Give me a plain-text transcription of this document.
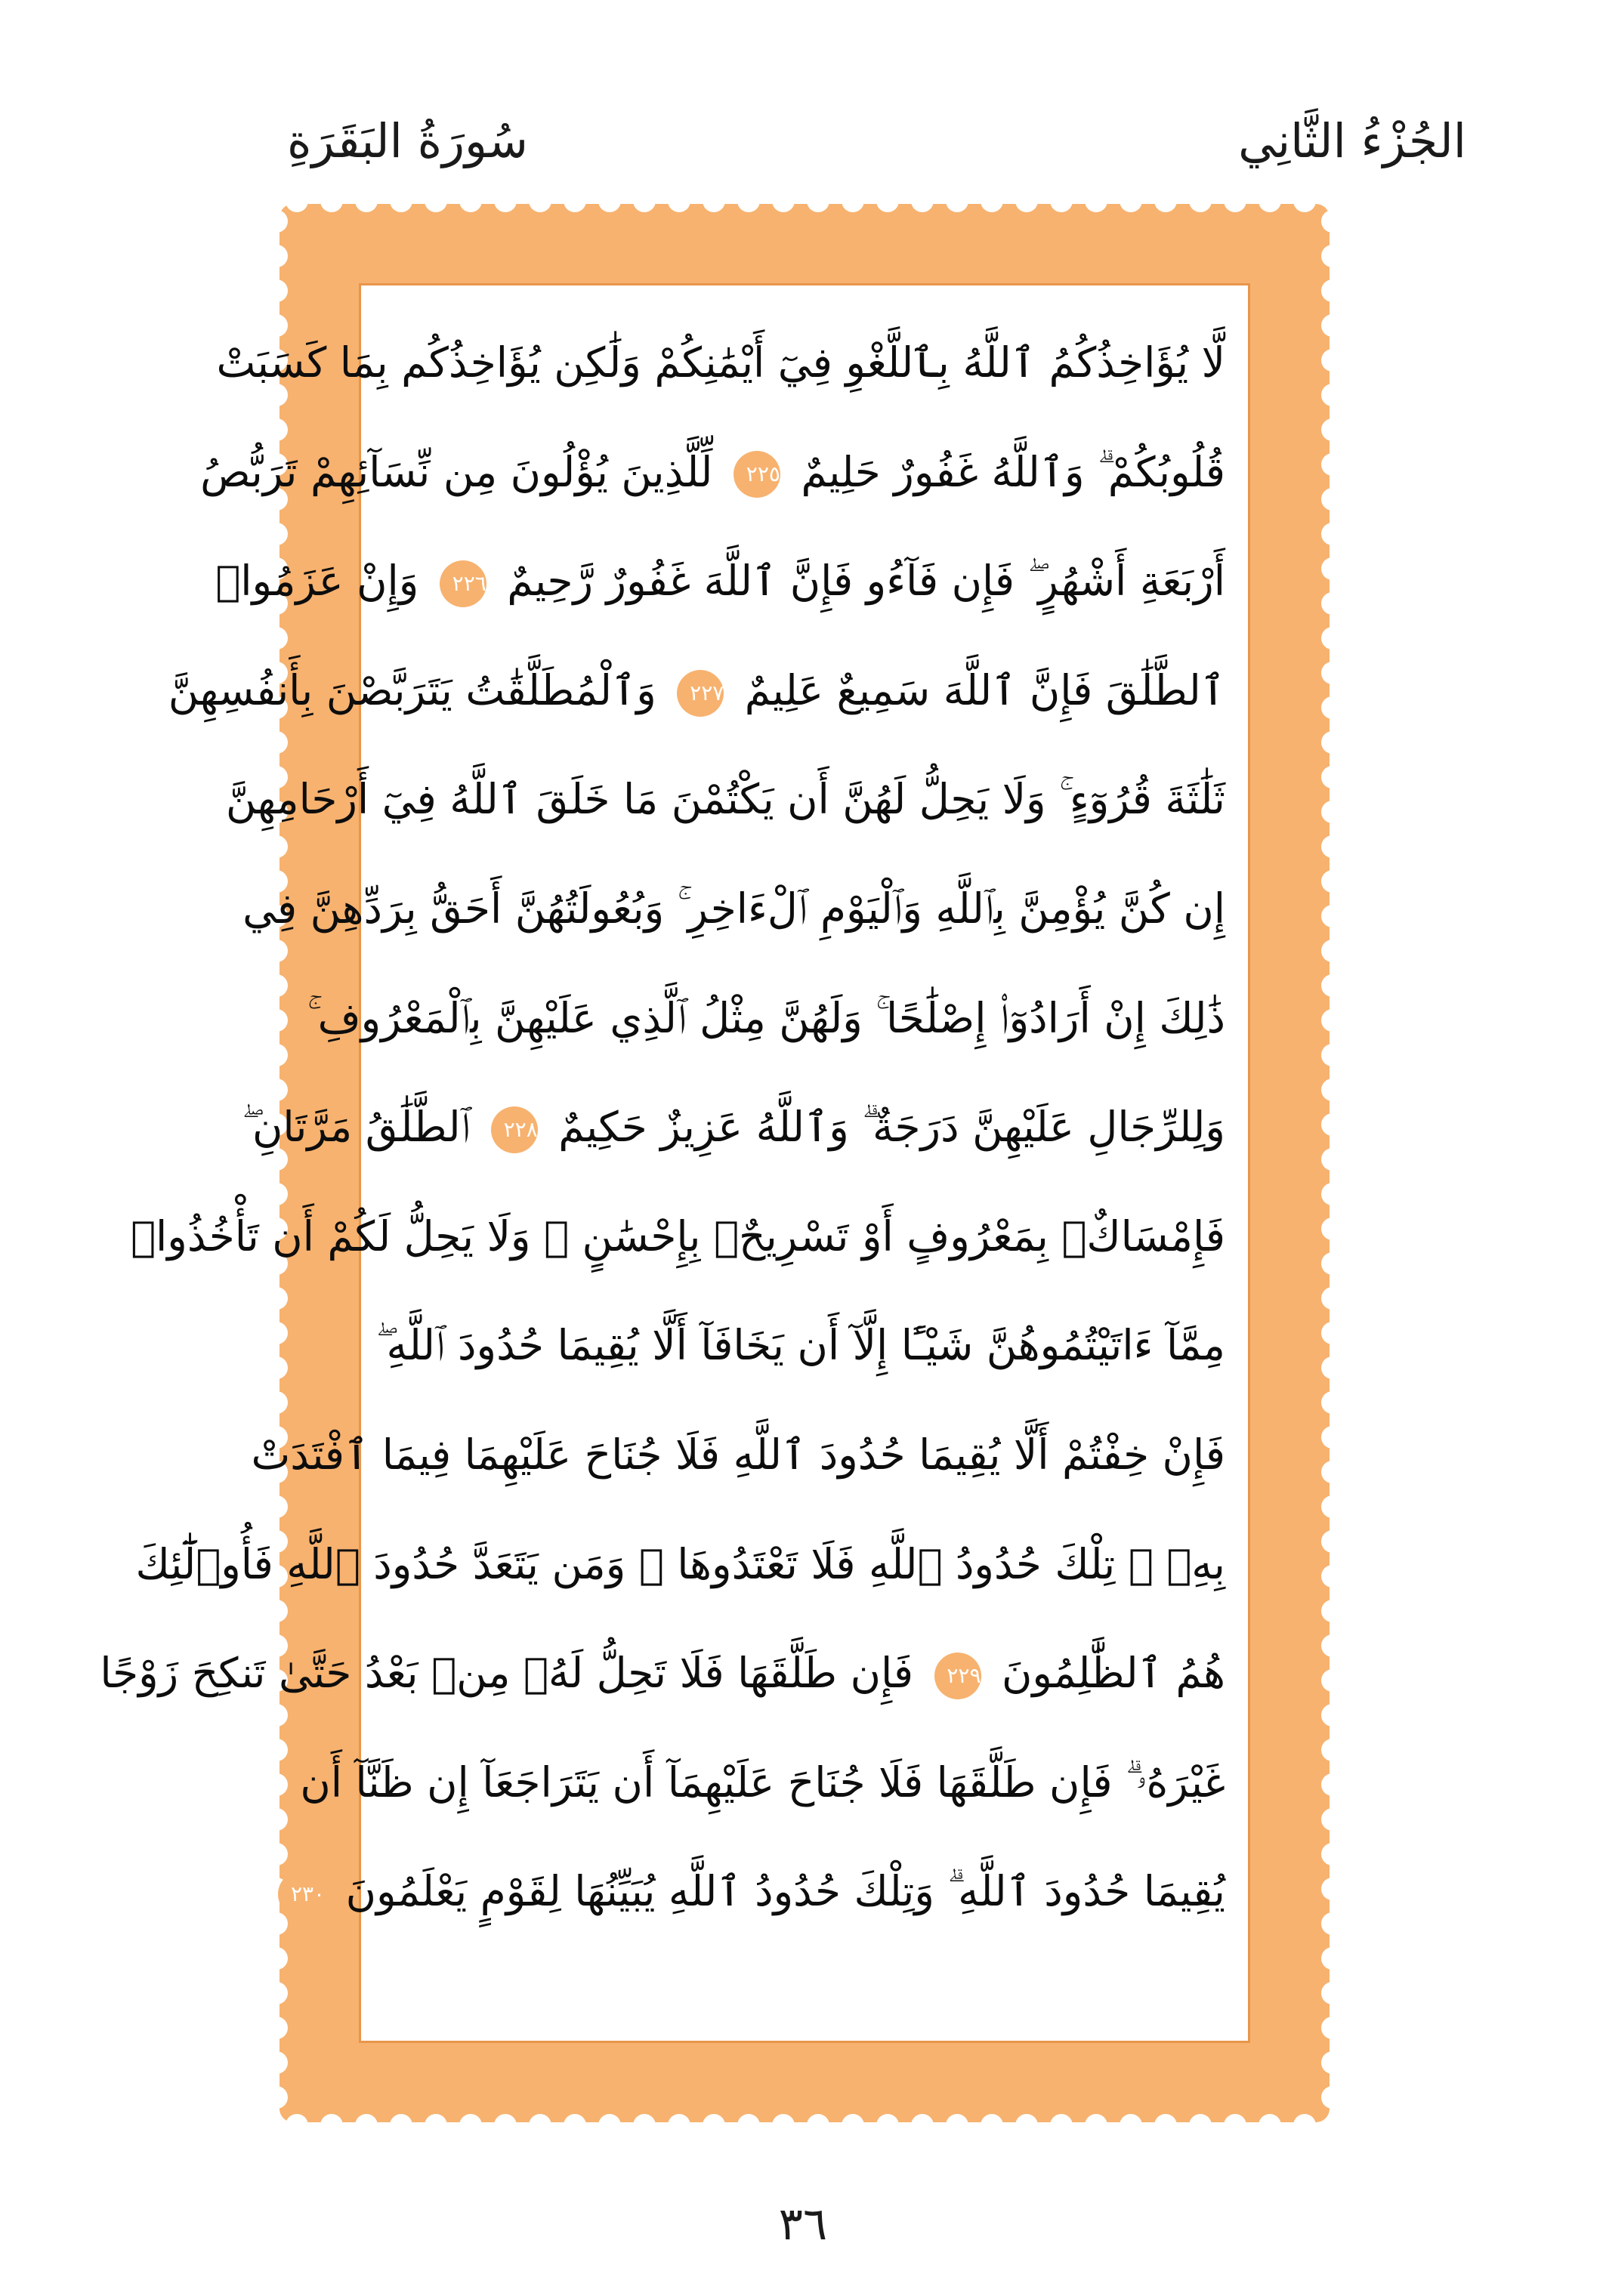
الجُزْءُ الثَّانِي
سُورَةُ البَقَرَةِ
لَّا يُؤَاخِذُكُمُ ٱللَّهُ بِٱللَّغْوِ فِيٓ أَيْمَٰنِكُمْ وَلَٰكِن يُؤَاخِذُكُم بِمَا كَسَبَتْ
قُلُوبُكُمْ ۗ وَٱللَّهُ غَفُورٌ حَلِيمٌ ٢٢٥ لِّلَّذِينَ يُؤْلُونَ مِن نِّسَآئِهِمْ تَرَبُّصُ
أَرْبَعَةِ أَشْهُرٍ ۖ فَإِن فَآءُو فَإِنَّ ٱللَّهَ غَفُورٌ رَّحِيمٌ ٢٢٦ وَإِنْ عَزَمُوا۟
ٱلطَّلَٰقَ فَإِنَّ ٱللَّهَ سَمِيعٌ عَلِيمٌ ٢٢٧ وَٱلْمُطَلَّقَٰتُ يَتَرَبَّصْنَ بِأَنفُسِهِنَّ
ثَلَٰثَةَ قُرُوٓءٍ ۚ وَلَا يَحِلُّ لَهُنَّ أَن يَكْتُمْنَ مَا خَلَقَ ٱللَّهُ فِيٓ أَرْحَامِهِنَّ
إِن كُنَّ يُؤْمِنَّ بِٱللَّهِ وَٱلْيَوْمِ ٱلْءَاخِرِ ۚ وَبُعُولَتُهُنَّ أَحَقُّ بِرَدِّهِنَّ فِي
ذَٰلِكَ إِنْ أَرَادُوٓا۟ إِصْلَٰحًا ۚ وَلَهُنَّ مِثْلُ ٱلَّذِي عَلَيْهِنَّ بِٱلْمَعْرُوفِ ۚ
وَلِلرِّجَالِ عَلَيْهِنَّ دَرَجَةٌ ۗ وَٱللَّهُ عَزِيزٌ حَكِيمٌ ٢٢٨ ٱلطَّلَٰقُ مَرَّتَانِ ۖ
فَإِمْسَاكٌۢ بِمَعْرُوفٍ أَوْ تَسْرِيحٌۢ بِإِحْسَٰنٍ ۗ وَلَا يَحِلُّ لَكُمْ أَن تَأْخُذُوا۟
مِمَّآ ءَاتَيْتُمُوهُنَّ شَيْـًٔا إِلَّآ أَن يَخَافَآ أَلَّا يُقِيمَا حُدُودَ ٱللَّهِ ۖ
فَإِنْ خِفْتُمْ أَلَّا يُقِيمَا حُدُودَ ٱللَّهِ فَلَا جُنَاحَ عَلَيْهِمَا فِيمَا ٱفْتَدَتْ
بِهِۦ ۗ تِلْكَ حُدُودُ ٱللَّهِ فَلَا تَعْتَدُوهَا ۚ وَمَن يَتَعَدَّ حُدُودَ ٱللَّهِ فَأُو۟لَٰٓئِكَ
هُمُ ٱلظَّٰلِمُونَ ٢٢٩ فَإِن طَلَّقَهَا فَلَا تَحِلُّ لَهُۥ مِنۢ بَعْدُ حَتَّىٰ تَنكِحَ زَوْجًا
غَيْرَهُۥ ۗ فَإِن طَلَّقَهَا فَلَا جُنَاحَ عَلَيْهِمَآ أَن يَتَرَاجَعَآ إِن ظَنَّآ أَن
يُقِيمَا حُدُودَ ٱللَّهِ ۗ وَتِلْكَ حُدُودُ ٱللَّهِ يُبَيِّنُهَا لِقَوْمٍ يَعْلَمُونَ ٢٣٠
٣٦
